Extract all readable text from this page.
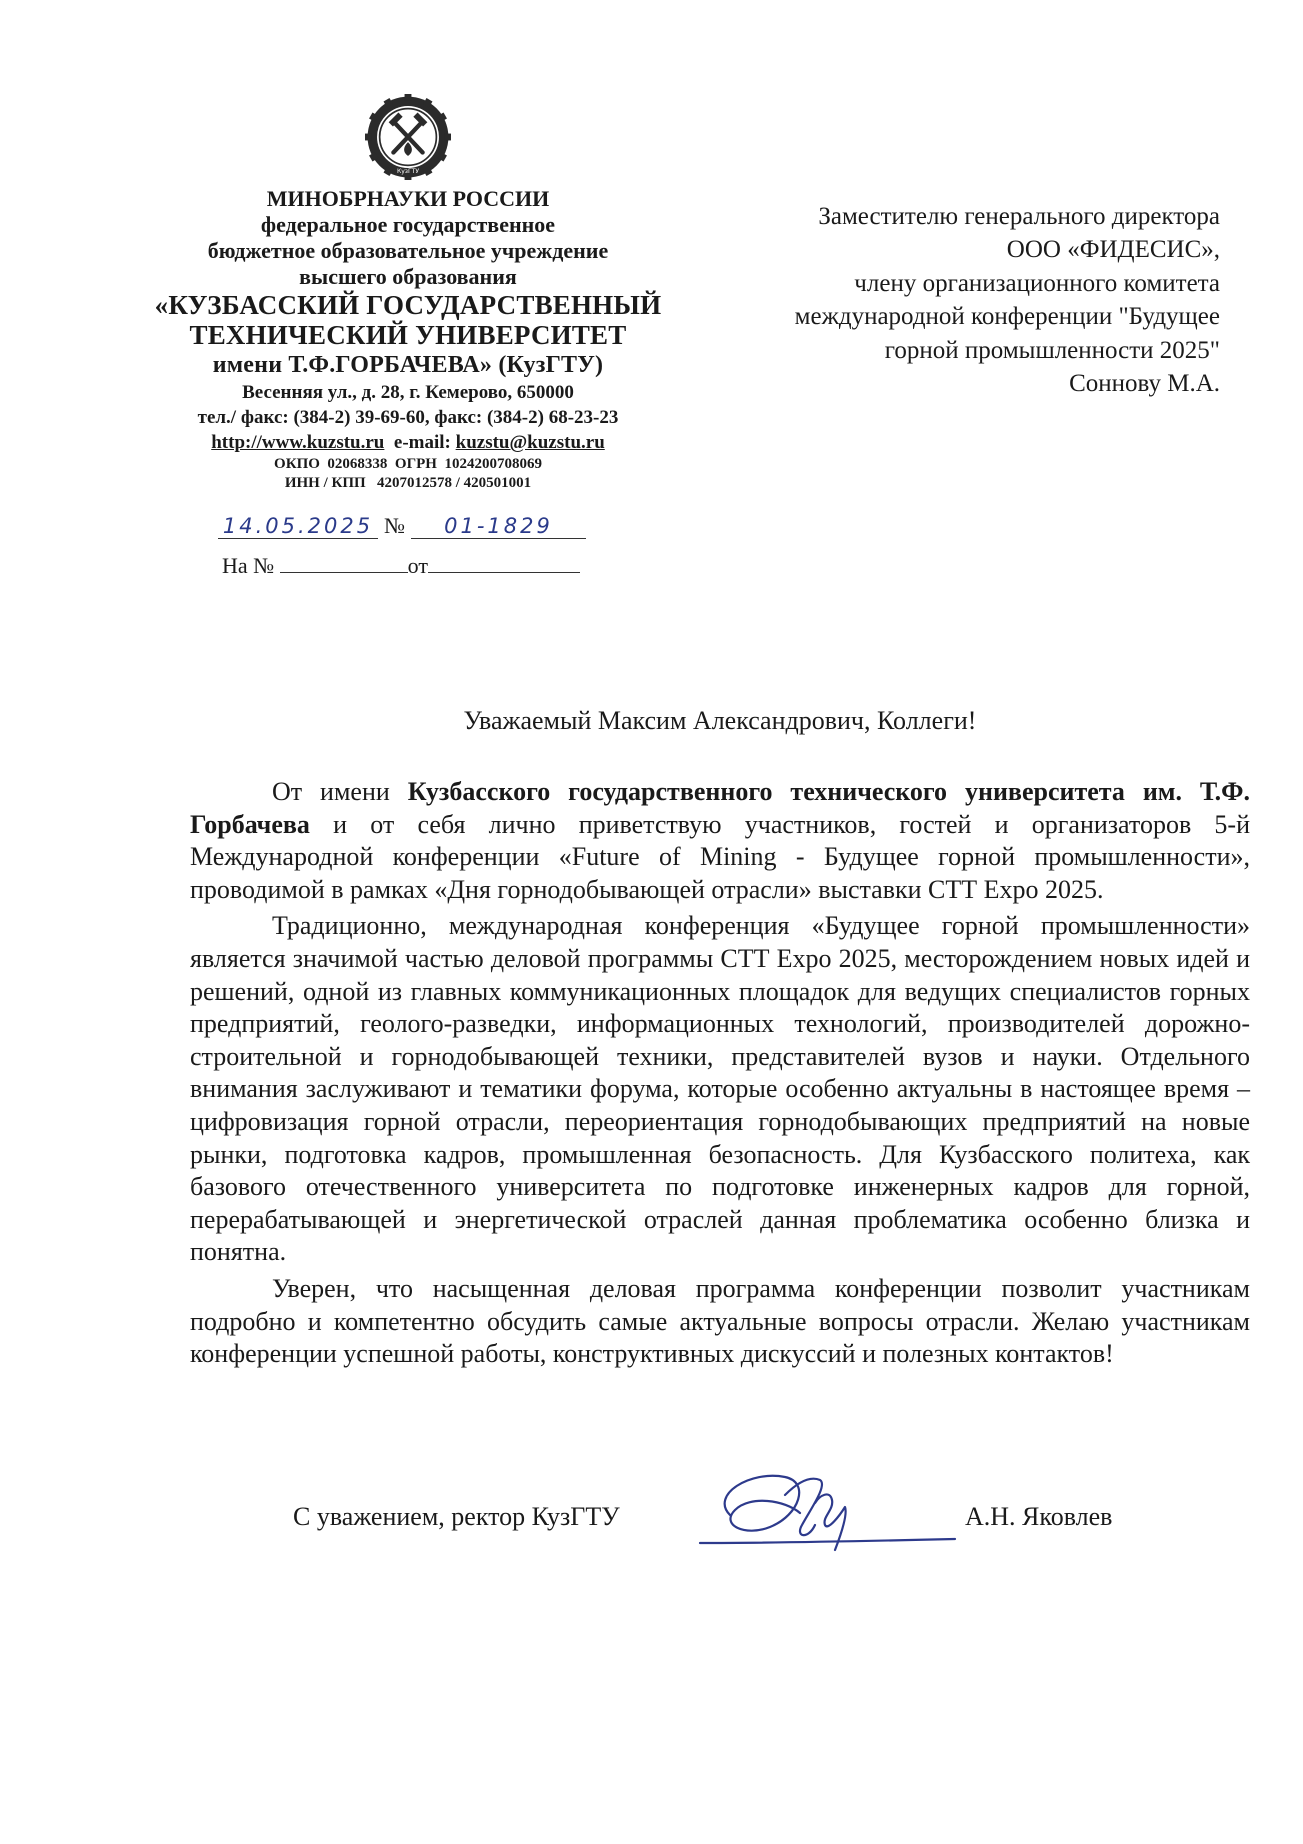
КузГТУ
МИНОБРНАУКИ РОССИИ
федеральное государственное
бюджетное образовательное учреждение
высшего образования
«КУЗБАССКИЙ ГОСУДАРСТВЕННЫЙ
ТЕХНИЧЕСКИЙ УНИВЕРСИТЕТ
имени Т.Ф.ГОРБАЧЕВА» (КузГТУ)
Весенняя ул., д. 28, г. Кемерово, 650000
тел./ факс: (384-2) 39-69-60, факс: (384-2) 68-23-23
http://www.kuzstu.ru  e-mail: kuzstu@kuzstu.ru
ОКПО  02068338  ОГРН  1024200708069
ИНН / КПП   4207012578 / 420501001
14.05.2025 № 01-1829
На №	от
Заместителю генерального директора
ООО «ФИДЕСИС»,
члену организационного комитета
международной конференции "Будущее
горной промышленности 2025"
Соннову М.А.
Уважаемый Максим Александрович, Коллеги!

От имени Кузбасского государственного технического университета им. Т.Ф. Горбачева и от себя лично приветствую участников, гостей и организаторов 5-й Международной конференции «Future of Mining - Будущее горной промышленности», проводимой в рамках «Дня горнодобывающей отрасли» выставки СТТ Expo 2025.

Традиционно, международная конференция «Будущее горной промышленности» является значимой частью деловой программы СТТ Expo 2025, месторождением новых идей и решений, одной из главных коммуникационных площадок для ведущих специалистов горных предприятий, геолого-разведки, информационных технологий, производителей дорожно-строительной и горнодобывающей техники, представителей вузов и науки. Отдельного внимания заслуживают и тематики форума, которые особенно актуальны в настоящее время – цифровизация горной отрасли, переориентация горнодобывающих предприятий на новые рынки, подготовка кадров, промышленная безопасность. Для Кузбасского политеха, как базового отечественного университета по подготовке инженерных кадров для горной, перерабатывающей и энергетической отраслей данная проблематика особенно близка и понятна.

Уверен, что насыщенная деловая программа конференции позволит участникам подробно и компетентно обсудить самые актуальные вопросы отрасли. Желаю участникам конференции успешной работы, конструктивных дискуссий и полезных контактов!

С уважением, ректор КузГТУ	А.Н. Яковлев
